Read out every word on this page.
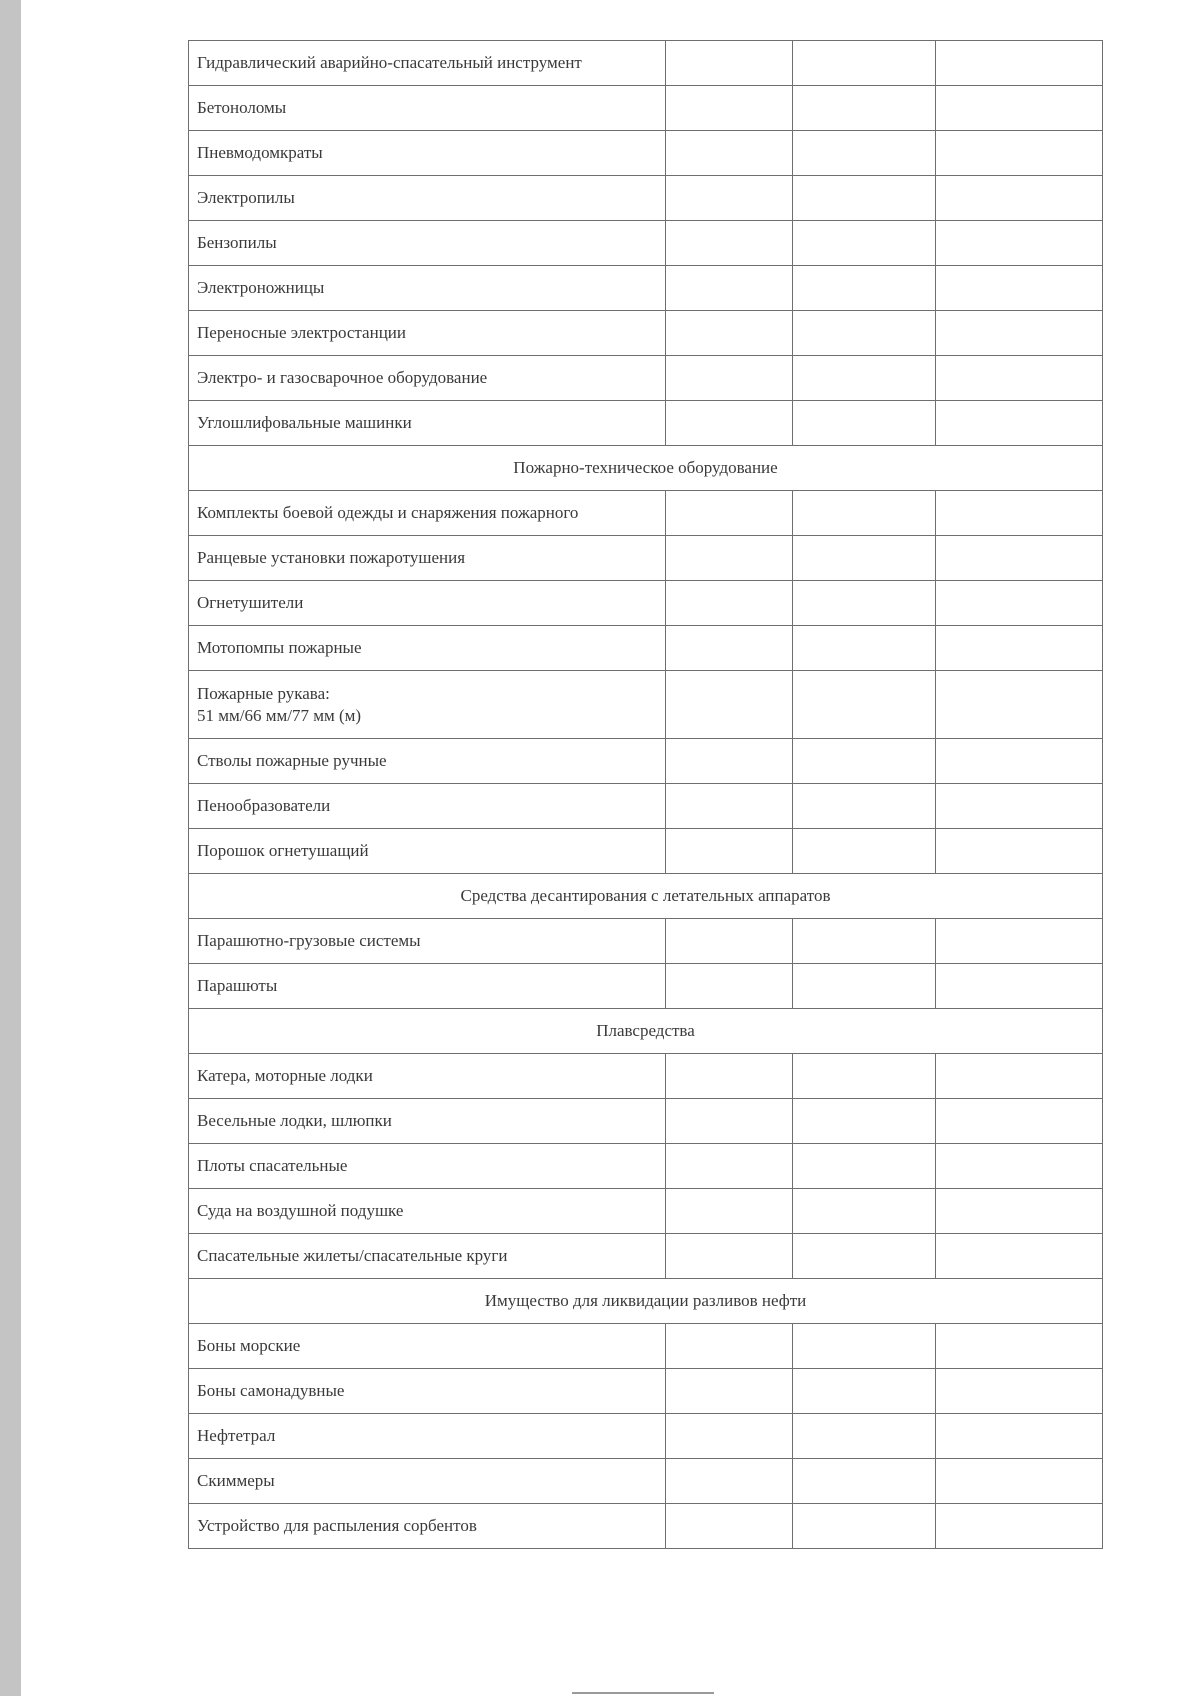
Гидравлический аварийно-спасательный инструмент			

Бетоноломы			

Пневмодомкраты			

Электропилы			

Бензопилы			

Электроножницы			

Переносные электростанции			

Электро- и газосварочное оборудование			

Углошлифовальные машинки			

Пожарно-техническое оборудование			

Комплекты боевой одежды и снаряжения пожарного			

Ранцевые установки пожаротушения			

Огнетушители			

Мотопомпы пожарные			

Пожарные рукава:
51 мм/66 мм/77 мм (м)			

Стволы пожарные ручные			

Пенообразователи			

Порошок огнетушащий			

Средства десантирования с летательных аппаратов			

Парашютно-грузовые системы			

Парашюты			

Плавсредства			

Катера, моторные лодки			

Весельные лодки, шлюпки			

Плоты спасательные			

Суда на воздушной подушке			

Спасательные жилеты/спасательные круги			

Имущество для ликвидации разливов нефти			

Боны морские			

Боны самонадувные			

Нефтетрал			

Скиммеры			

Устройство для распыления сорбентов			
